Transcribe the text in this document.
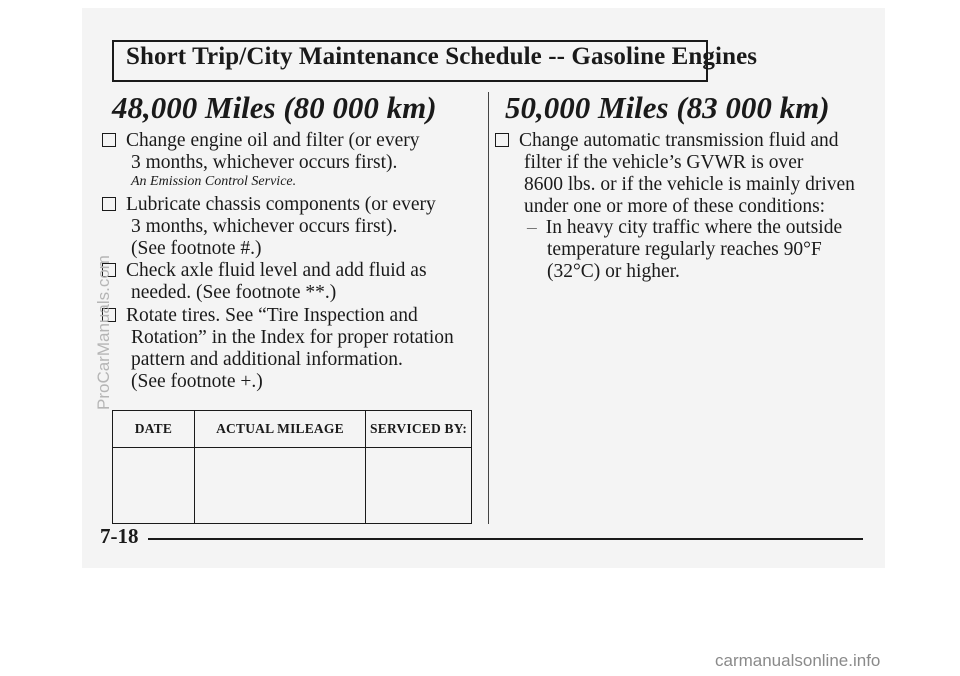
Short Trip/City Maintenance Schedule -- Gasoline Engines
48,000 Miles (80 000 km) 50,000 Miles (83 000 km)
Change engine oil and filter (or every
3 months, whichever occurs first).
An Emission Control Service.
Lubricate chassis components (or every
3 months, whichever occurs first).
(See footnote #.)
Check axle fluid level and add fluid as
needed. (See footnote **.)
Rotate tires. See “Tire Inspection and
Rotation” in the Index for proper rotation
pattern and additional information.
(See footnote +.)
Change automatic transmission fluid and
filter if the vehicle’s GVWR is over
8600 lbs. or if the vehicle is mainly driven
under one or more of these conditions:
– In heavy city traffic where the outside
temperature regularly reaches 90°F
(32°C) or higher.
DATE	ACTUAL MILEAGE	SERVICED BY:

7-18
ProCarManuals.com
carmanualsonline.info
